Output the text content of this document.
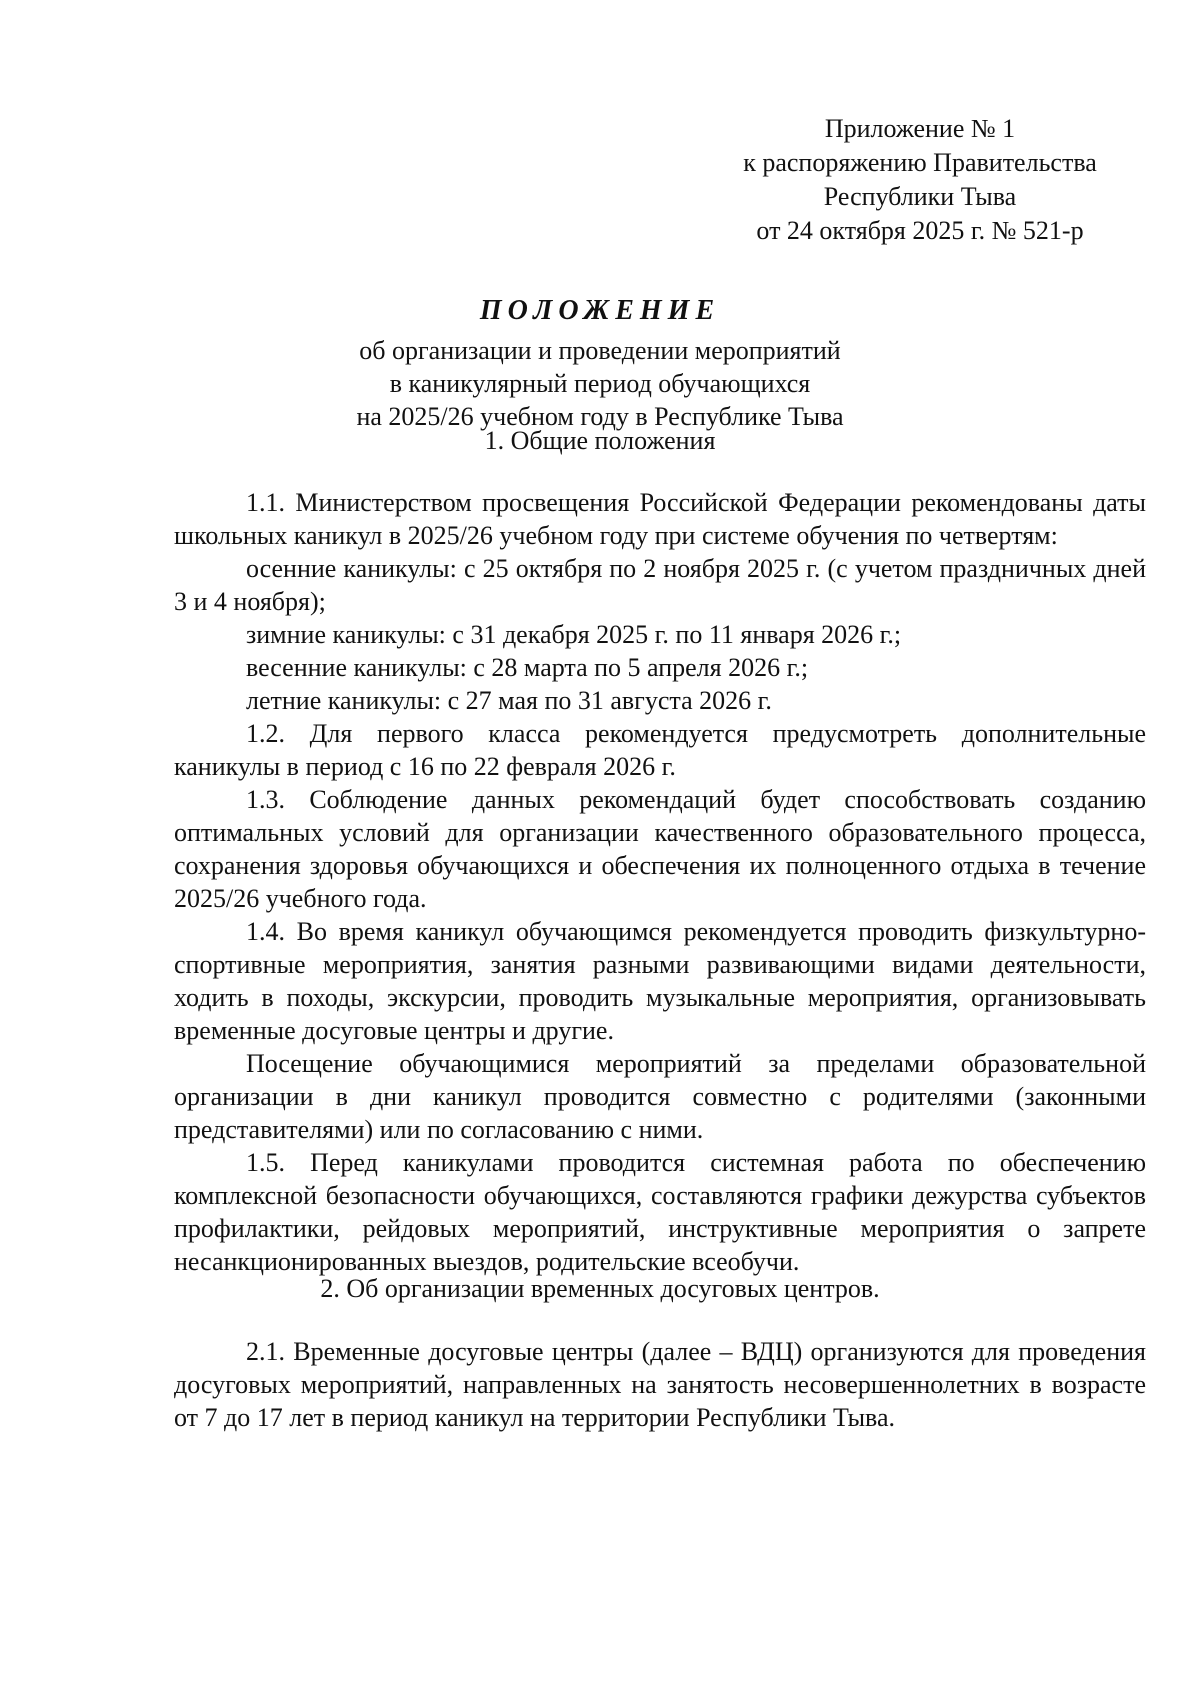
Приложение № 1
к распоряжению Правительства
Республики Тыва
от 24 октября 2025 г. № 521-р
ПОЛОЖЕНИЕ
об организации и проведении мероприятий
в каникулярный период обучающихся
на 2025/26 учебном году в Республике Тыва
1. Общие положения

1.1. Министерством просвещения Российской Федерации рекомендованы даты школьных каникул в 2025/26 учебном году при системе обучения по четвертям:

осенние каникулы: с 25 октября по 2 ноября 2025 г. (с учетом праздничных дней 3 и 4 ноября);

зимние каникулы: с 31 декабря 2025 г. по 11 января 2026 г.;

весенние каникулы: с 28 марта по 5 апреля 2026 г.;

летние каникулы: с 27 мая по 31 августа 2026 г.

1.2. Для первого класса рекомендуется предусмотреть дополнительные каникулы в период с 16 по 22 февраля 2026 г.

1.3. Соблюдение данных рекомендаций будет способствовать созданию оптимальных условий для организации качественного образовательного процесса, сохранения здоровья обучающихся и обеспечения их полноценного отдыха в течение 2025/26 учебного года.

1.4. Во время каникул обучающимся рекомендуется проводить физкультурно-спортивные мероприятия, занятия разными развивающими видами деятельности, ходить в походы, экскурсии, проводить музыкальные мероприятия, организовывать временные досуговые центры и другие.

Посещение обучающимися мероприятий за пределами образовательной организации в дни каникул проводится совместно с родителями (законными представителями) или по согласованию с ними.

1.5. Перед каникулами проводится системная работа по обеспечению комплексной безопасности обучающихся, составляются графики дежурства субъектов профилактики, рейдовых мероприятий, инструктивные мероприятия о запрете несанкционированных выездов, родительские всеобучи.

2. Об организации временных досуговых центров.

2.1. Временные досуговые центры (далее – ВДЦ) организуются для проведения досуговых мероприятий, направленных на занятость несовершеннолетних в возрасте от 7 до 17 лет в период каникул на территории Республики Тыва.
